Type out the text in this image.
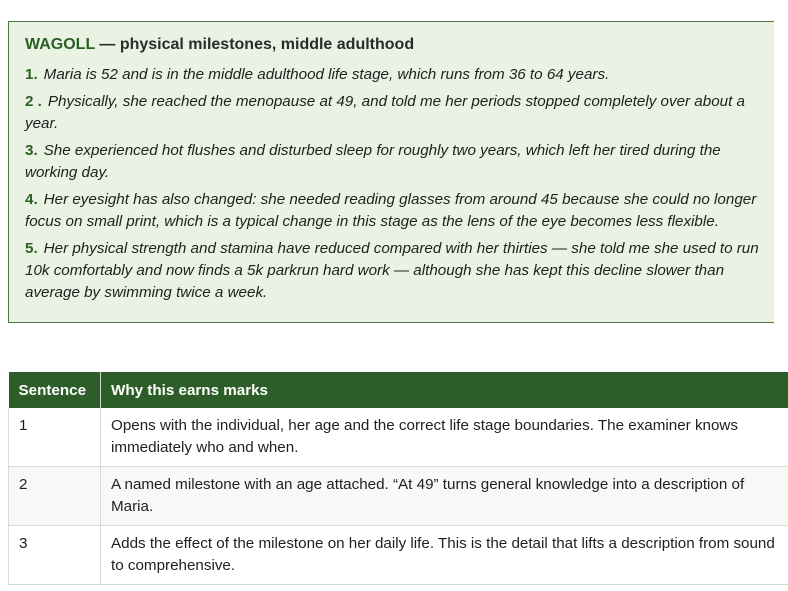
WAGOLL — physical milestones, middle adulthood

1. Maria is 52 and is in the middle adulthood life stage, which runs from 36 to 64 years.

2 . Physically, she reached the menopause at 49, and told me her periods stopped completely over about a year.

3. She experienced hot flushes and disturbed sleep for roughly two years, which left her tired during the working day.

4. Her eyesight has also changed: she needed reading glasses from around 45 because she could no longer focus on small print, which is a typical change in this stage as the lens of the eye becomes less flexible.

5. Her physical strength and stamina have reduced compared with her thirties — she told me she used to run 10k comfortably and now finds a 5k parkrun hard work — although she has kept this decline slower than average by swimming twice a week.

Sentence	Why this earns marks
1	Opens with the individual, her age and the correct life stage boundaries. The examiner knows immediately who and when.
2	A named milestone with an age attached. “At 49” turns general knowledge into a description of Maria.
3	Adds the effect of the milestone on her daily life. This is the detail that lifts a description from sound to comprehensive.
